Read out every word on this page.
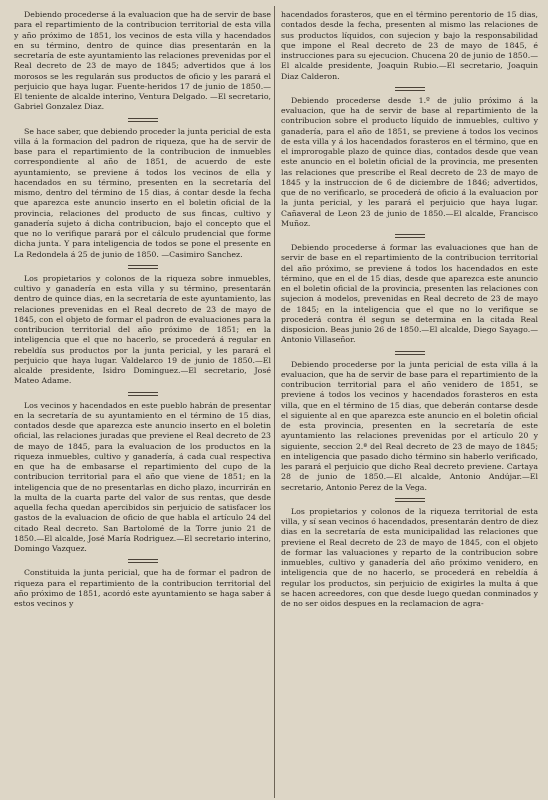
Debiendo procederse á la evaluacion que ha de servir de base para el repartimiento de la contribucion territorial de esta villa y año próximo de 1851, los vecinos de esta villa y hacendados en su término, dentro de quince dias presentarán en la secretaría de este ayuntamiento las relaciones prevenidas por el Real decreto de 23 de mayo de 1845; advertidos que á los morosos se les regularán sus productos de oficio y les parará el perjuicio que haya lugar. Fuente-heridos 17 de junio de 1850.— El teniente de alcalde interino, Ventura Delgado. —El secretario, Gabriel Gonzalez Diaz.

Se hace saber, que debiendo proceder la junta pericial de esta villa á la formacion del padron de riqueza, que ha de servir de base para el repartimiento de la contribucion de inmuebles correspondiente al año de 1851, de acuerdo de este ayuntamiento, se previene á todos los vecinos de ella y hacendados en su término, presenten en la secretaría del mismo, dentro del término de 15 dias, á contar desde la fecha que aparezca este anuncio inserto en el boletin oficial de la provincia, relaciones del producto de sus fincas, cultivo y ganadería sujeto á dicha contribucion, bajo el concepto que el que no lo verifique parará por el cálculo prudencial que forme dicha junta. Y para inteligencia de todos se pone el presente en La Redondela á 25 de junio de 1850. —Casimiro Sanchez.

Los propietarios y colonos de la riqueza sobre inmuebles, cultivo y ganadería en esta villa y su término, presentarán dentro de quince dias, en la secretaría de este ayuntamiento, las relaciones prevenidas en el Real decreto de 23 de mayo de 1845, con el objeto de formar el padron de evaluaciones para la contribucion territorial del año próximo de 1851; en la inteligencia que el que no hacerlo, se procederá á regular en rebeldía sus productos por la junta pericial, y les parará el perjuicio que haya lugar. Valdelarco 19 de junio de 1850.—El alcalde presidente, Isidro Dominguez.—El secretario, José Mateo Adame.

Los vecinos y hacendados en este pueblo habrán de presentar en la secretaría de su ayuntamiento en el término de 15 dias, contados desde que aparezca este anuncio inserto en el boletin oficial, las relaciones juradas que previene el Real decreto de 23 de mayo de 1845, para la evaluacion de los productos en la riqueza inmuebles, cultivo y ganadería, á cada cual respectiva en que ha de embasarse el repartimiento del cupo de la contribucion territorial para el año que viene de 1851; en la inteligencia que de no presentarlas en dicho plazo, incurrirán en la multa de la cuarta parte del valor de sus rentas, que desde aquella fecha quedan apercibidos sin perjuicio de satisfacer los gastos de la evaluacion de oficio de que habla el artículo 24 del citado Real decreto. San Bartolomé de la Torre junio 21 de 1850.—El alcalde, José María Rodriguez.—El secretario interino, Domingo Vazquez.

Constituida la junta pericial, que ha de formar el padron de riqueza para el repartimiento de la contribucion territorial del año próximo de 1851, acordó este ayuntamiento se haga saber á estos vecinos y

hacendados forasteros, que en el término perentorio de 15 dias, contados desde la fecha, presenten al mismo las relaciones de sus productos líquidos, con sujecion y bajo la responsabilidad que impone el Real decreto de 23 de mayo de 1845, é instrucciones para su ejecucion. Chucena 20 de junio de 1850.—El alcalde presidente, Joaquin Rubio.—El secretario, Joaquin Diaz Calderon.

Debiendo procederse desde 1.º de julio próximo á la evaluacion, que ha de servir de base al repartimiento de la contribucion sobre el producto líquido de inmuebles, cultivo y ganadería, para el año de 1851, se previene á todos los vecinos de esta villa y á los hacendados forasteros en el término, que en el improrogable plazo de quince dias, contados desde que vean este anuncio en el boletin oficial de la provincia, me presenten las relaciones que prescribe el Real decreto de 23 de mayo de 1845 y la instruccion de 6 de diciembre de 1846; advertidos, que de no verificarlo, se procederá de oficio á la evaluacion por la junta pericial, y les parará el perjuicio que haya lugar. Cañaveral de Leon 23 de junio de 1850.—El alcalde, Francisco Muñoz.

Debiendo procederse á formar las evaluaciones que han de servir de base en el repartimiento de la contribucion territorial del año próximo, se previene á todos los hacendados en este término, que en el de 15 dias, desde que aparezca este anuncio en el boletin oficial de la provincia, presenten las relaciones con sujecion á modelos, prevenidas en Real decreto de 23 de mayo de 1845; en la inteligencia que el que no lo verifique se procederá contra él segun se determina en la citada Real disposicion. Beas junio 26 de 1850.—El alcalde, Diego Sayago.—Antonio Villaseñor.

Debiendo procederse por la junta pericial de esta villa á la evaluacion, que ha de servir de base para el repartimiento de la contribucion territorial para el año venidero de 1851, se previene á todos los vecinos y hacendados forasteros en esta villa, que en el término de 15 dias, que deberán contarse desde el siguiente al en que aparezca este anuncio en el boletin oficial de esta provincia, presenten en la secretaría de este ayuntamiento las relaciones prevenidas por el artículo 20 y siguiente, seccion 2.ª del Real decreto de 23 de mayo de 1845; en inteligencia que pasado dicho término sin haberlo verificado, les parará el perjuicio que dicho Real decreto previene. Cartaya 28 de junio de 1850.—El alcalde, Antonio Andújar.—El secretario, Antonio Perez de la Vega.

Los propietarios y colonos de la riqueza territorial de esta villa, y sí sean vecinos ó hacendados, presentarán dentro de diez dias en la secretaría de esta municipalidad las relaciones que previene el Real decreto de 23 de mayo de 1845, con el objeto de formar las valuaciones y reparto de la contribucion sobre inmuebles, cultivo y ganadería del año próximo venidero, en inteligencia que de no hacerlo, se procederá en rebeldía á regular los productos, sin perjuicio de exigirles la multa á que se hacen acreedores, con que desde luego quedan conminados y de no ser oidos despues en la reclamacion de agra-
